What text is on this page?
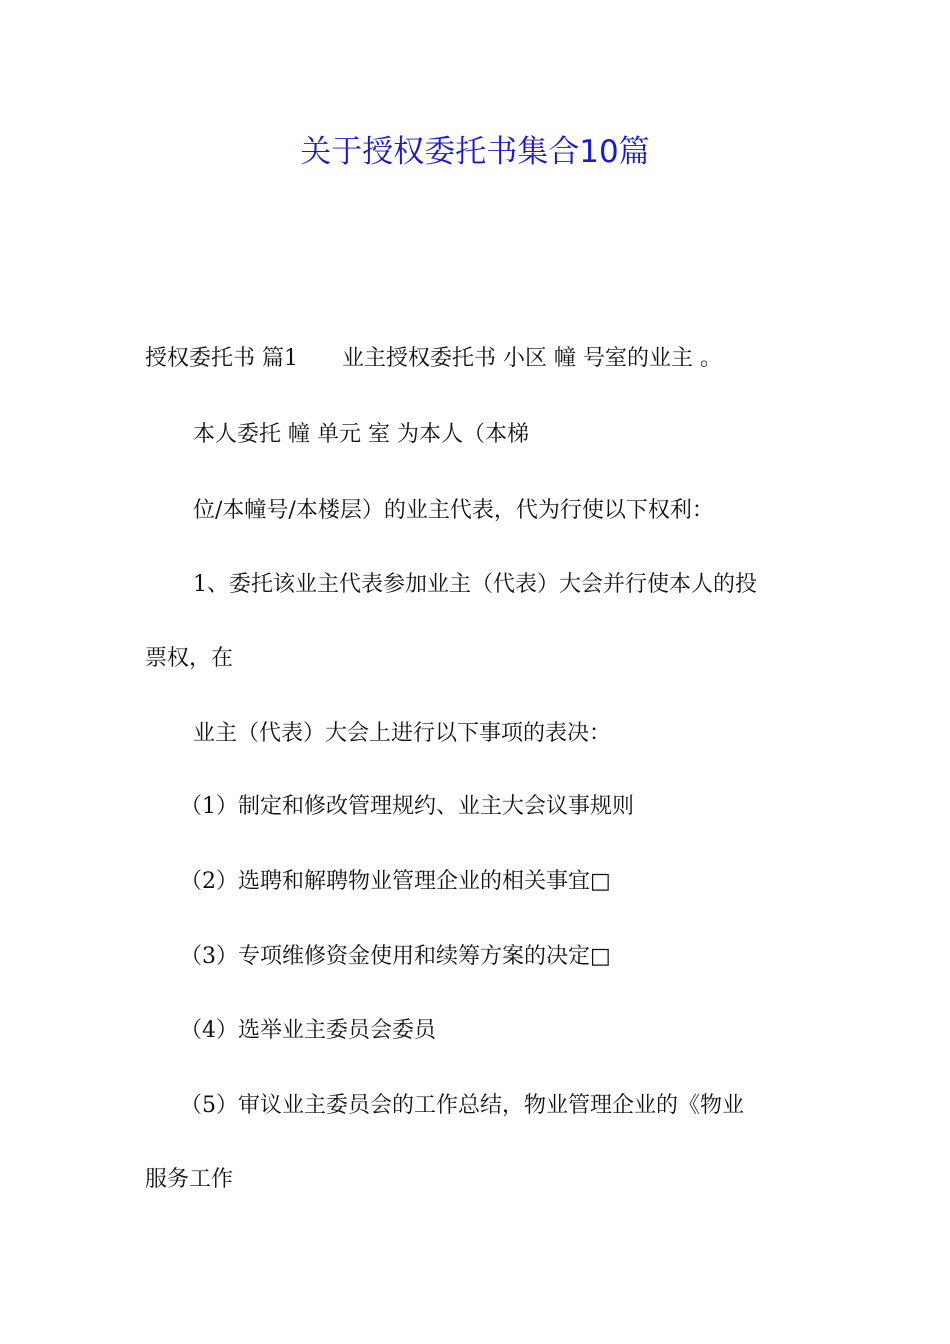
关于授权委托书集合10篇
授权委托书 篇1　　业主授权委托书 小区 幢 号室的业主 。
本人委托 幢 单元 室 为本人（本梯
位/本幢号/本楼层）的业主代表，代为行使以下权利：
1、委托该业主代表参加业主（代表）大会并行使本人的投
票权，在
业主（代表）大会上进行以下事项的表决：
（1）制定和修改管理规约、业主大会议事规则
（2）选聘和解聘物业管理企业的相关事宜□
（3）专项维修资金使用和续筹方案的决定□
（4）选举业主委员会委员
（5）审议业主委员会的工作总结，物业管理企业的《物业
服务工作
